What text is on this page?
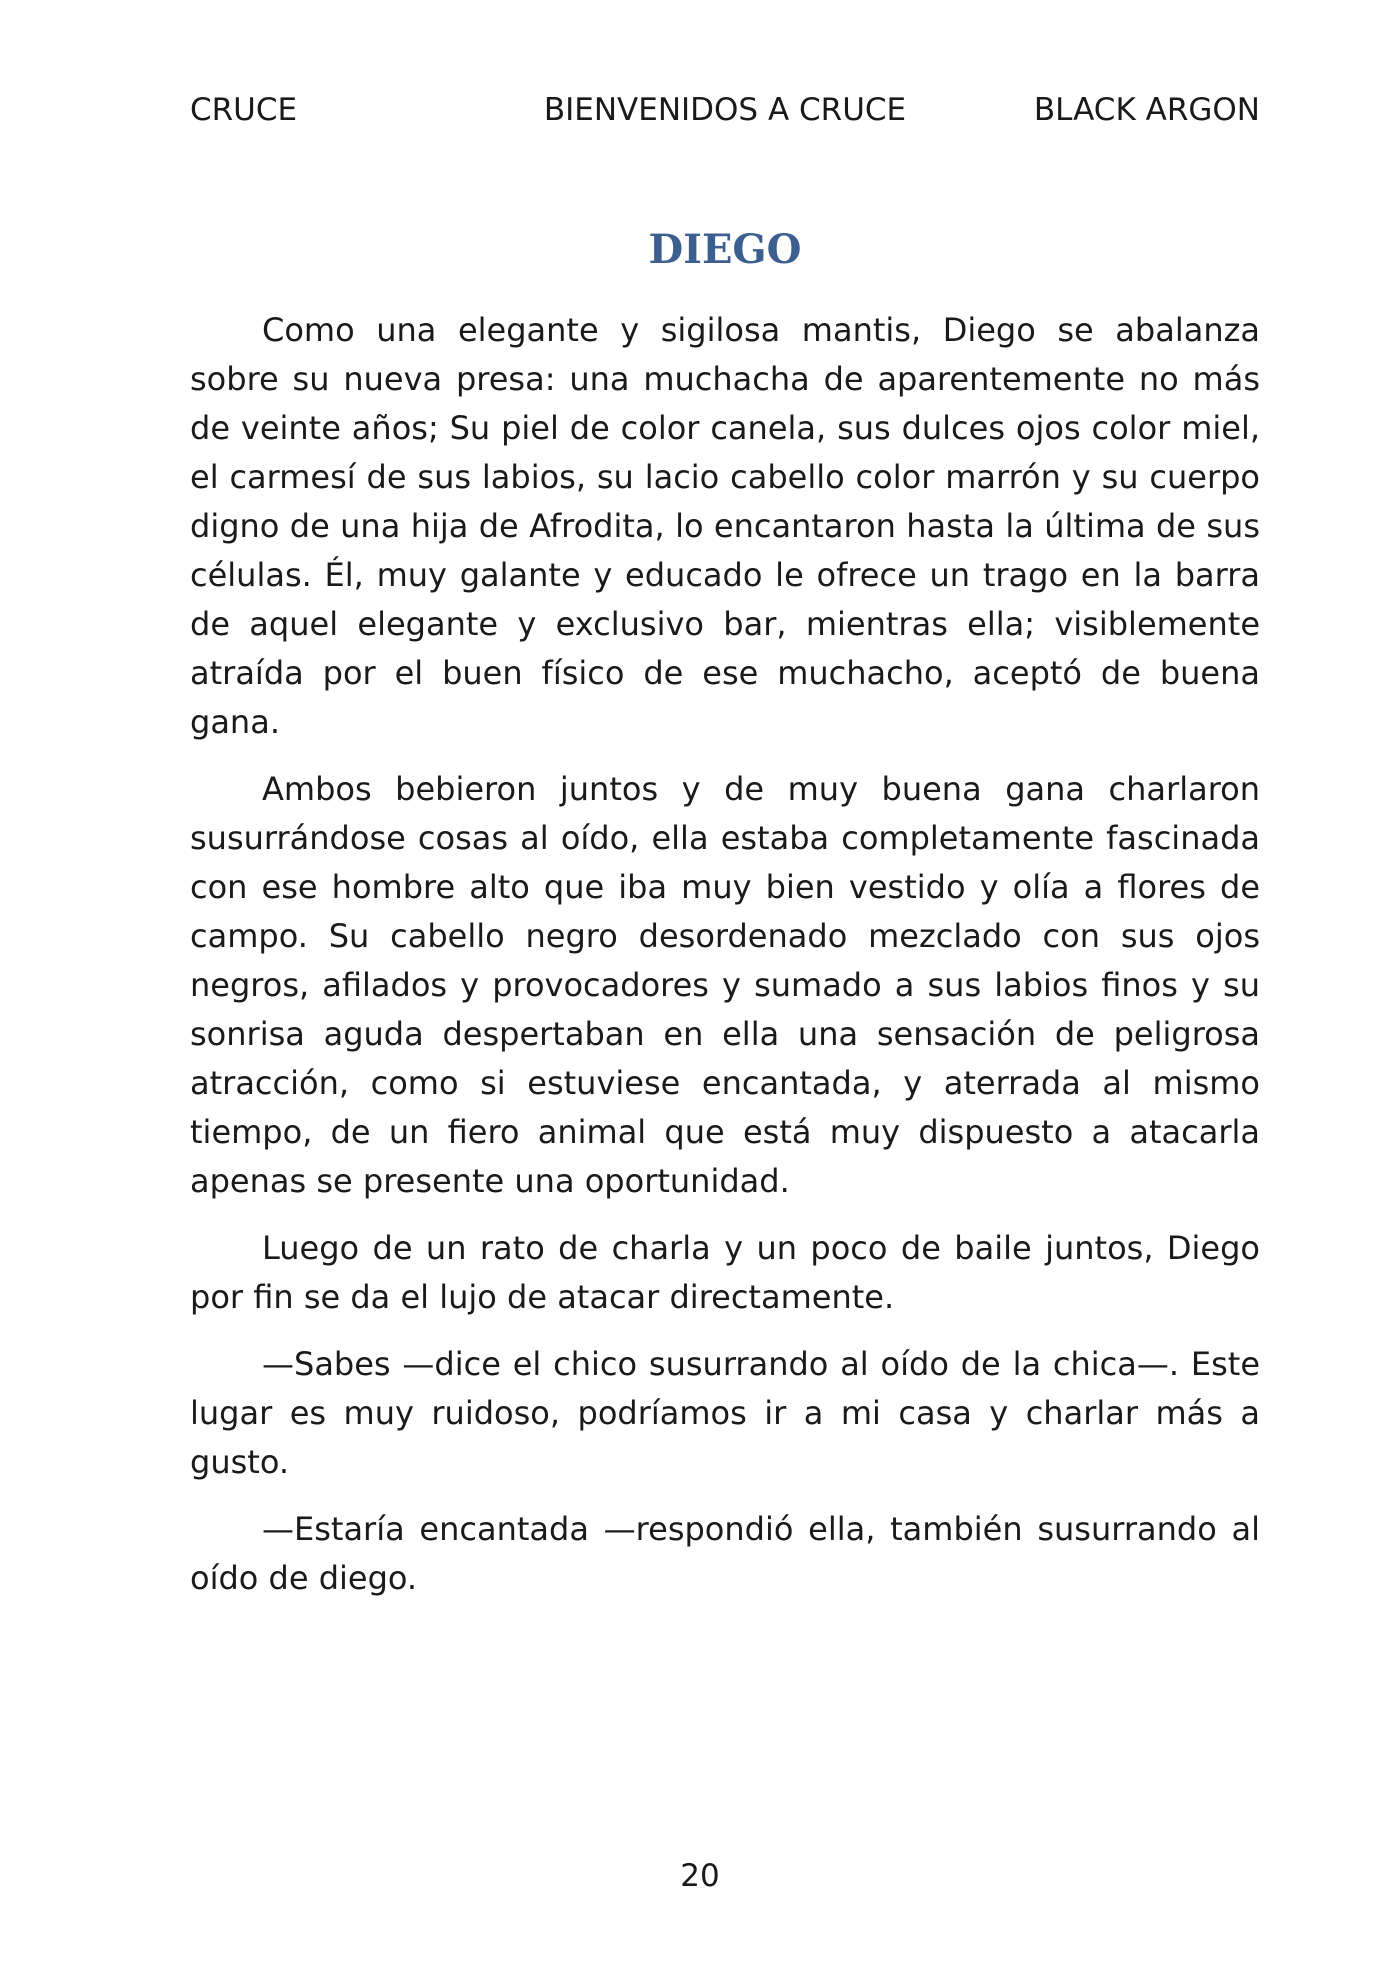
CRUCE	BIENVENIDOS A CRUCE	BLACK ARGON
DIEGO

Como una elegante y sigilosa mantis, Diego se abalanza sobre su nueva presa: una muchacha de aparentemente no más de veinte años; Su piel de color canela, sus dulces ojos color miel, el carmesí de sus labios, su lacio cabello color marrón y su cuerpo digno de una hija de Afrodita, lo encantaron hasta la última de sus células. Él, muy galante y educado le ofrece un trago en la barra de aquel elegante y exclusivo bar, mientras ella; visiblemente atraída por el buen físico de ese muchacho, aceptó de buena gana.

Ambos bebieron juntos y de muy buena gana charlaron susurrándose cosas al oído, ella estaba completamente fascinada con ese hombre alto que iba muy bien vestido y olía a flores de campo. Su cabello negro desordenado mezclado con sus ojos negros, afilados y provocadores y sumado a sus labios finos y su sonrisa aguda despertaban en ella una sensación de peligrosa atracción, como si estuviese encantada, y aterrada al mismo tiempo, de un fiero animal que está muy dispuesto a atacarla apenas se presente una oportunidad.

Luego de un rato de charla y un poco de baile juntos, Diego por fin se da el lujo de atacar directamente.

—Sabes —dice el chico susurrando al oído de la chica—. Este lugar es muy ruidoso, podríamos ir a mi casa y charlar más a gusto.

—Estaría encantada —respondió ella, también susurrando al oído de diego.

20
